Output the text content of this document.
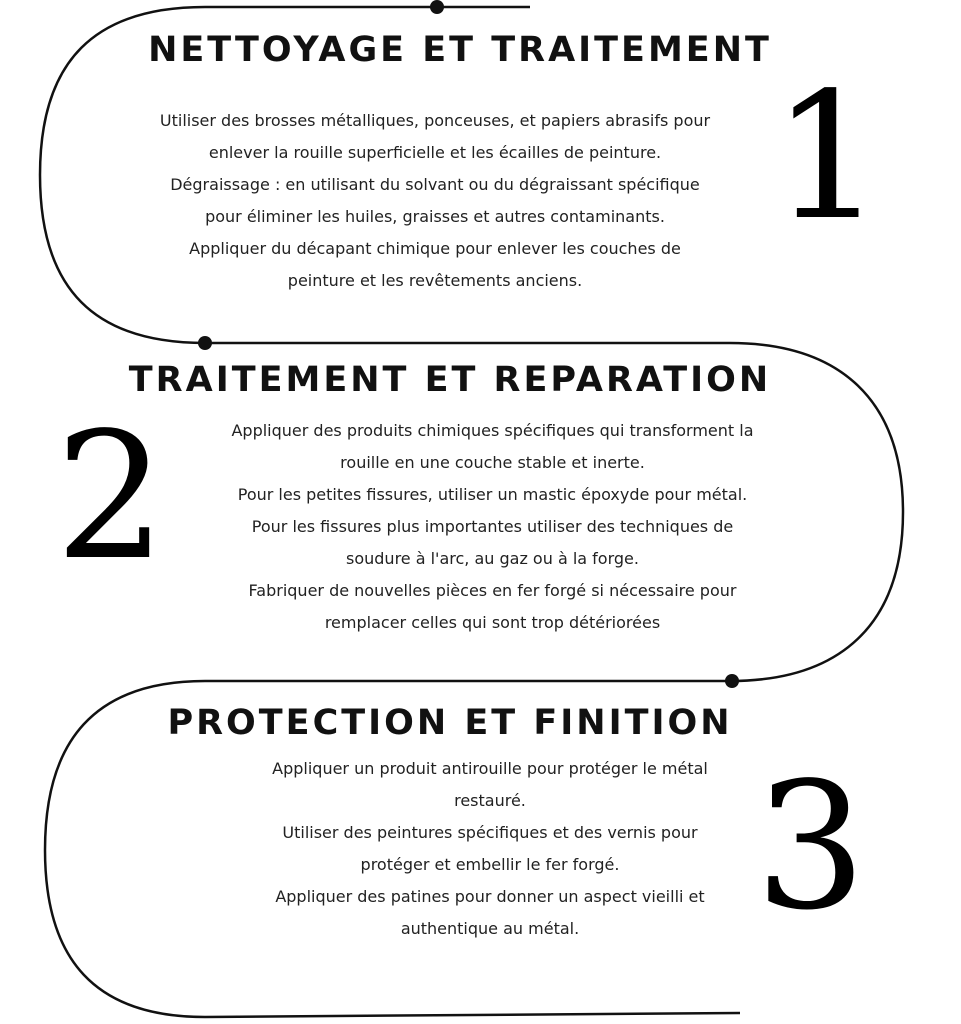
NETTOYAGE ET TRAITEMENT
Utiliser des brosses métalliques, ponceuses, et papiers abrasifs pour
enlever la rouille superficielle et les écailles de peinture.
Dégraissage : en utilisant du solvant ou du dégraissant spécifique
pour éliminer les huiles, graisses et autres contaminants.
Appliquer du décapant chimique pour enlever les couches de
peinture et les revêtements anciens.
1
TRAITEMENT ET REPARATION
Appliquer des produits chimiques spécifiques qui transforment la
rouille en une couche stable et inerte.
Pour les petites fissures, utiliser un mastic époxyde pour métal.
Pour les fissures plus importantes utiliser des techniques de
soudure à l'arc, au gaz ou à la forge.
Fabriquer de nouvelles pièces en fer forgé si nécessaire pour
remplacer celles qui sont trop détériorées
2
PROTECTION ET FINITION
Appliquer un produit antirouille pour protéger le métal
restauré.
Utiliser des peintures spécifiques et des vernis pour
protéger et embellir le fer forgé.
Appliquer des patines pour donner un aspect vieilli et
authentique au métal.	3
